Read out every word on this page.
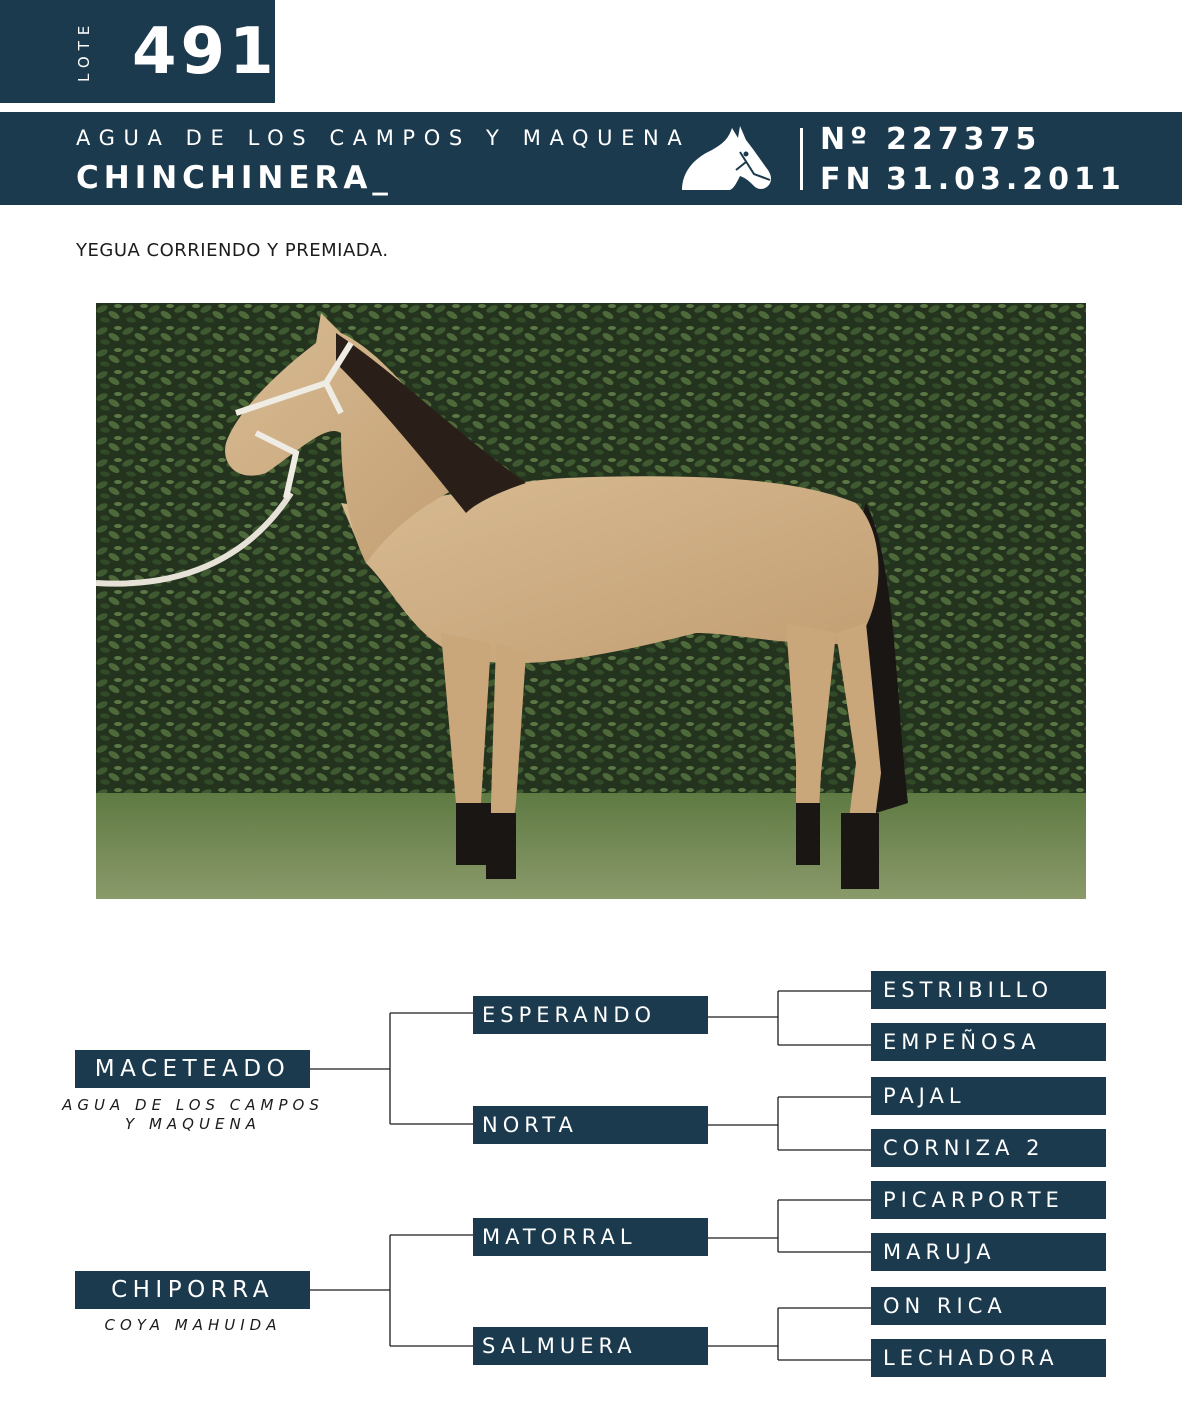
LOTE 491
AGUA DE LOS CAMPOS Y MAQUENA
CHINCHINERA_
Nº 227375
FN 31.03.2011
YEGUA CORRIENDO Y PREMIADA.
MACETEADO
AGUA DE LOS CAMPOS Y MAQUENA
CHIPORRA
COYA MAHUIDA
ESPERANDO
NORTA
MATORRAL
SALMUERA
ESTRIBILLO
EMPEÑOSA
PAJAL
CORNIZA 2
PICARPORTE
MARUJA
ON RICA
LECHADORA
